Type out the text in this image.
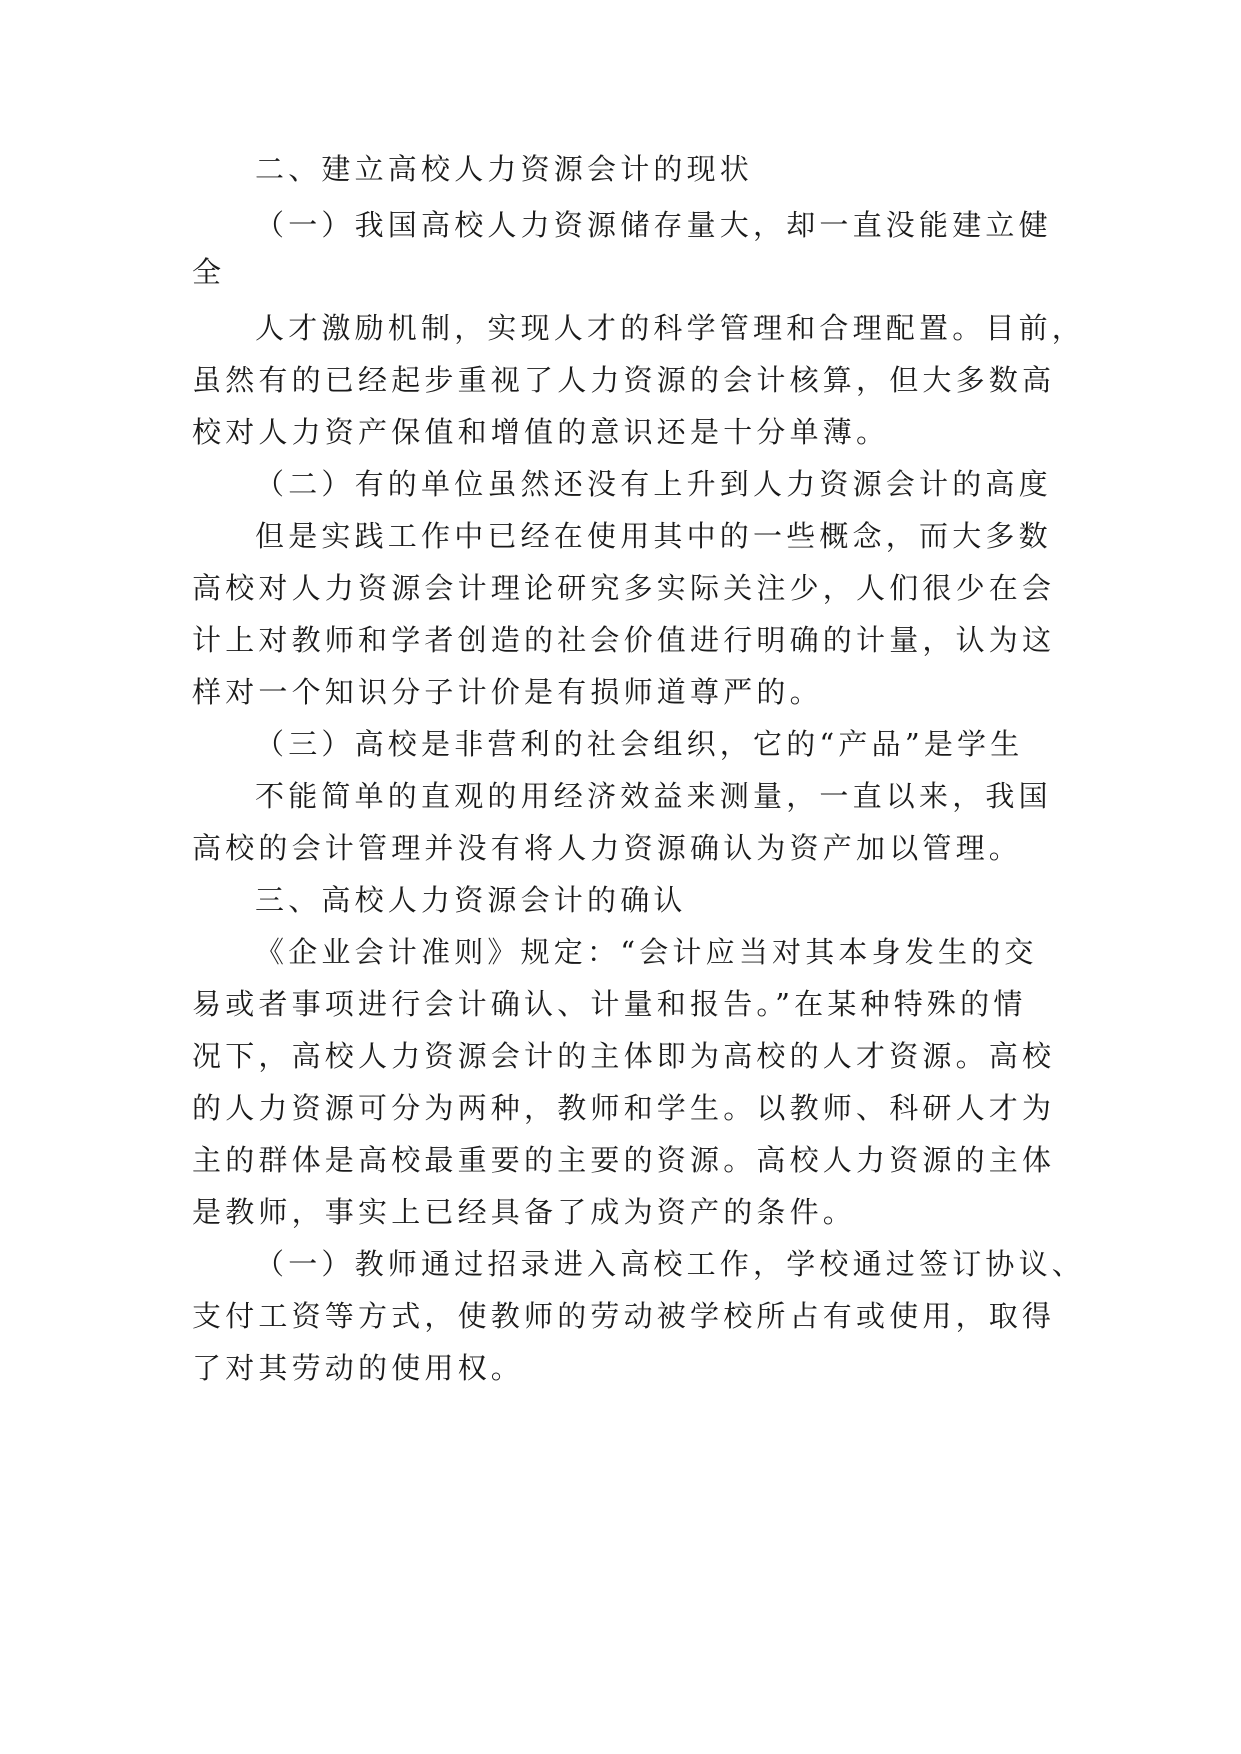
二、建立高校人力资源会计的现状
（一）我国高校人力资源储存量大，却一直没能建立健
全
人才激励机制，实现人才的科学管理和合理配置。目前，
虽然有的已经起步重视了人力资源的会计核算，但大多数高
校对人力资产保值和增值的意识还是十分单薄。
（二）有的单位虽然还没有上升到人力资源会计的高度
但是实践工作中已经在使用其中的一些概念，而大多数
高校对人力资源会计理论研究多实际关注少，人们很少在会
计上对教师和学者创造的社会价值进行明确的计量，认为这
样对一个知识分子计价是有损师道尊严的。
（三）高校是非营利的社会组织，它的“产品”是学生
不能简单的直观的用经济效益来测量，一直以来，我国
高校的会计管理并没有将人力资源确认为资产加以管理。
三、高校人力资源会计的确认
《企业会计准则》规定：“会计应当对其本身发生的交
易或者事项进行会计确认、计量和报告。”在某种特殊的情
况下，高校人力资源会计的主体即为高校的人才资源。高校
的人力资源可分为两种，教师和学生。以教师、科研人才为
主的群体是高校最重要的主要的资源。高校人力资源的主体
是教师，事实上已经具备了成为资产的条件。
（一）教师通过招录进入高校工作，学校通过签订协议、
支付工资等方式，使教师的劳动被学校所占有或使用，取得
了对其劳动的使用权。
